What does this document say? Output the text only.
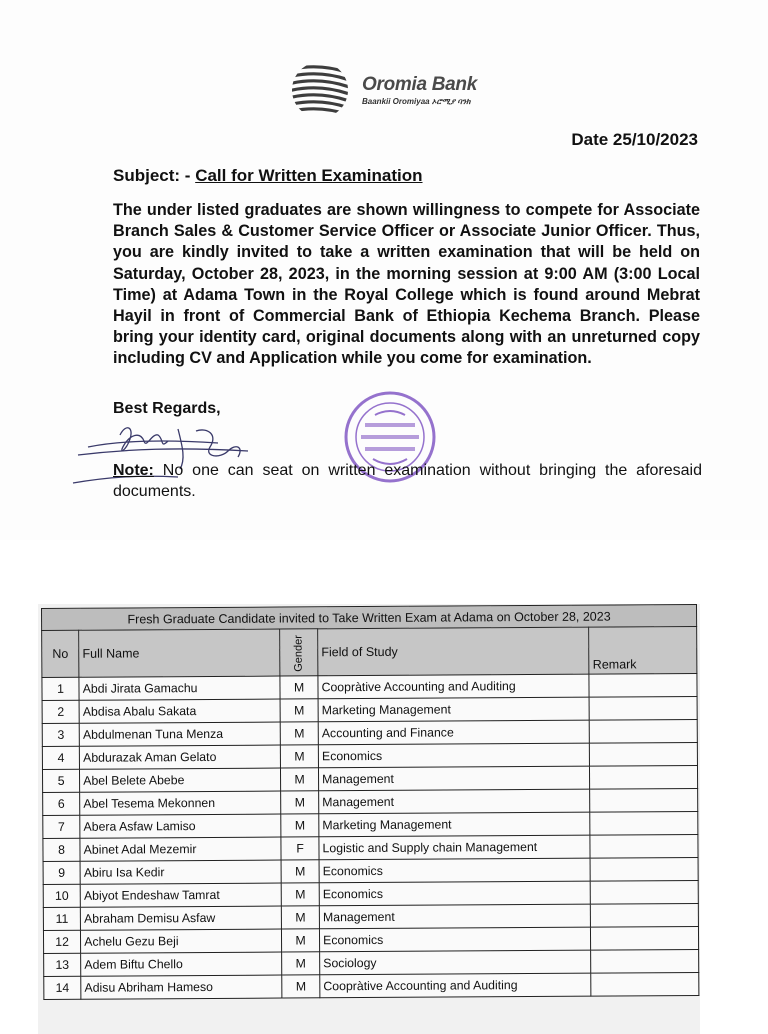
Oromia Bank
Baankii Oromiyaa ኦሮሚያ ባንክ
Date 25/10/2023
Subject: - Call for Written Examination
The under listed graduates are shown willingness to compete for Associate Branch Sales & Customer Service Officer or Associate Junior Officer. Thus, you are kindly invited to take a written examination that will be held on Saturday, October 28, 2023, in the morning session at 9:00 AM (3:00 Local Time) at Adama Town in the Royal College which is found around Mebrat Hayil in front of Commercial Bank of Ethiopia Kechema Branch. Please bring your identity card, original documents along with an unreturned copy including CV and Application while you come for examination.
Best Regards,
Note: No one can seat on written examination without bringing the aforesaid documents.
Fresh Graduate Candidate invited to Take Written Exam at Adama on October 28, 2023				
No	Full Name	Gender	Field of Study	Remark
1	Abdi Jirata Gamachu	M	Coopràtive Accounting and Auditing	
2	Abdisa Abalu Sakata	M	Marketing Management	
3	Abdulmenan Tuna Menza	M	Accounting and Finance	
4	Abdurazak Aman Gelato	M	Economics	
5	Abel Belete Abebe	M	Management	
6	Abel Tesema Mekonnen	M	Management	
7	Abera Asfaw Lamiso	M	Marketing Management	
8	Abinet Adal Mezemir	F	Logistic and Supply chain Management	
9	Abiru Isa Kedir	M	Economics	
10	Abiyot Endeshaw Tamrat	M	Economics	
11	Abraham Demisu Asfaw	M	Management	
12	Achelu Gezu Beji	M	Economics	
13	Adem Biftu Chello	M	Sociology	
14	Adisu Abriham Hameso	M	Coopràtive Accounting and Auditing	
